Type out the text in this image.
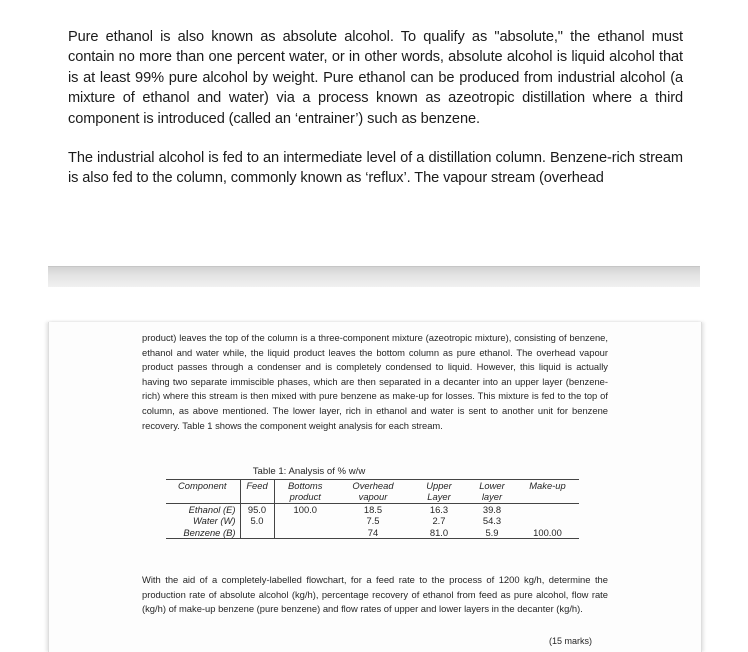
Pure ethanol is also known as absolute alcohol. To qualify as "absolute," the ethanol must contain no more than one percent water, or in other words, absolute alcohol is liquid alcohol that is at least 99% pure alcohol by weight. Pure ethanol can be produced from industrial alcohol (a mixture of ethanol and water) via a process known as azeotropic distillation where a third component is introduced (called an ‘entrainer’) such as benzene.

The industrial alcohol is fed to an intermediate level of a distillation column. Benzene-rich stream is also fed to the column, commonly known as ‘reflux’. The vapour stream (overhead

product) leaves the top of the column is a three-component mixture (azeotropic mixture), consisting of benzene, ethanol and water while, the liquid product leaves the bottom column as pure ethanol. The overhead vapour product passes through a condenser and is completely condensed to liquid. However, this liquid is actually having two separate immiscible phases, which are then separated in a decanter into an upper layer (benzene-rich) where this stream is then mixed with pure benzene as make-up for losses. This mixture is fed to the top of column, as above mentioned. The lower layer, rich in ethanol and water is sent to another unit for benzene recovery. Table 1 shows the component weight analysis for each stream.

Table 1: Analysis of % w/w
Component	Feed	Bottoms	Overhead	Upper	Lower	Make-up
		product	vapour	Layer	layer	
Ethanol (E)	95.0	100.0	18.5	16.3	39.8	
Water (W)	5.0		7.5	2.7	54.3	
Benzene (B)			74	81.0	5.9	100.00

With the aid of a completely-labelled flowchart, for a feed rate to the process of 1200 kg/h, determine the production rate of absolute alcohol (kg/h), percentage recovery of ethanol from feed as pure alcohol, flow rate (kg/h) of make-up benzene (pure benzene) and flow rates of upper and lower layers in the decanter (kg/h).

(15 marks)
